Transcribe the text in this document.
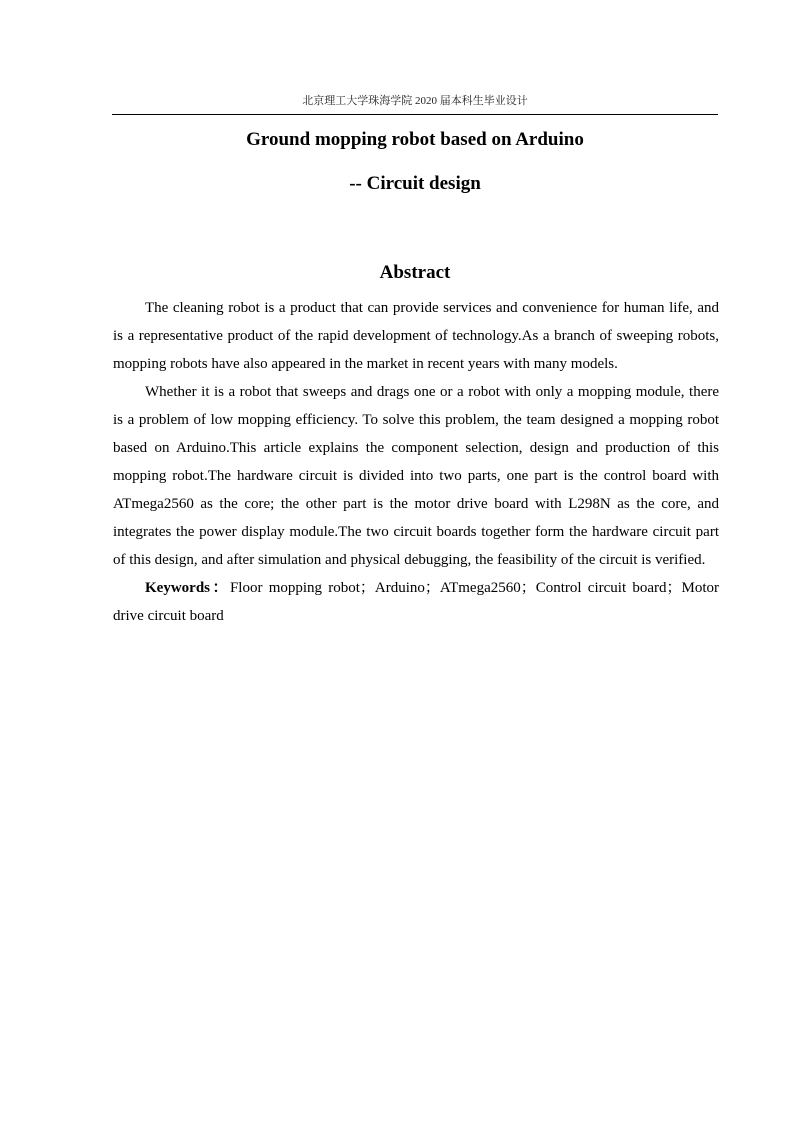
北京理工大学珠海学院 2020 届本科生毕业设计
Ground mopping robot based on Arduino
-- Circuit design
Abstract

The cleaning robot is a product that can provide services and convenience for human life, and is a representative product of the rapid development of technology.As a branch of sweeping robots, mopping robots have also appeared in the market in recent years with many models.

Whether it is a robot that sweeps and drags one or a robot with only a mopping module, there is a problem of low mopping efficiency. To solve this problem, the team designed a mopping robot based on Arduino.This article explains the component selection, design and production of this mopping robot.The hardware circuit is divided into two parts, one part is the control board with ATmega2560 as the core; the other part is the motor drive board with L298N as the core, and integrates the power display module.The two circuit boards together form the hardware circuit part of this design, and after simulation and physical debugging, the feasibility of the circuit is verified.

Keywords：Floor mopping robot；Arduino；ATmega2560；Control circuit board；Motor drive circuit board
